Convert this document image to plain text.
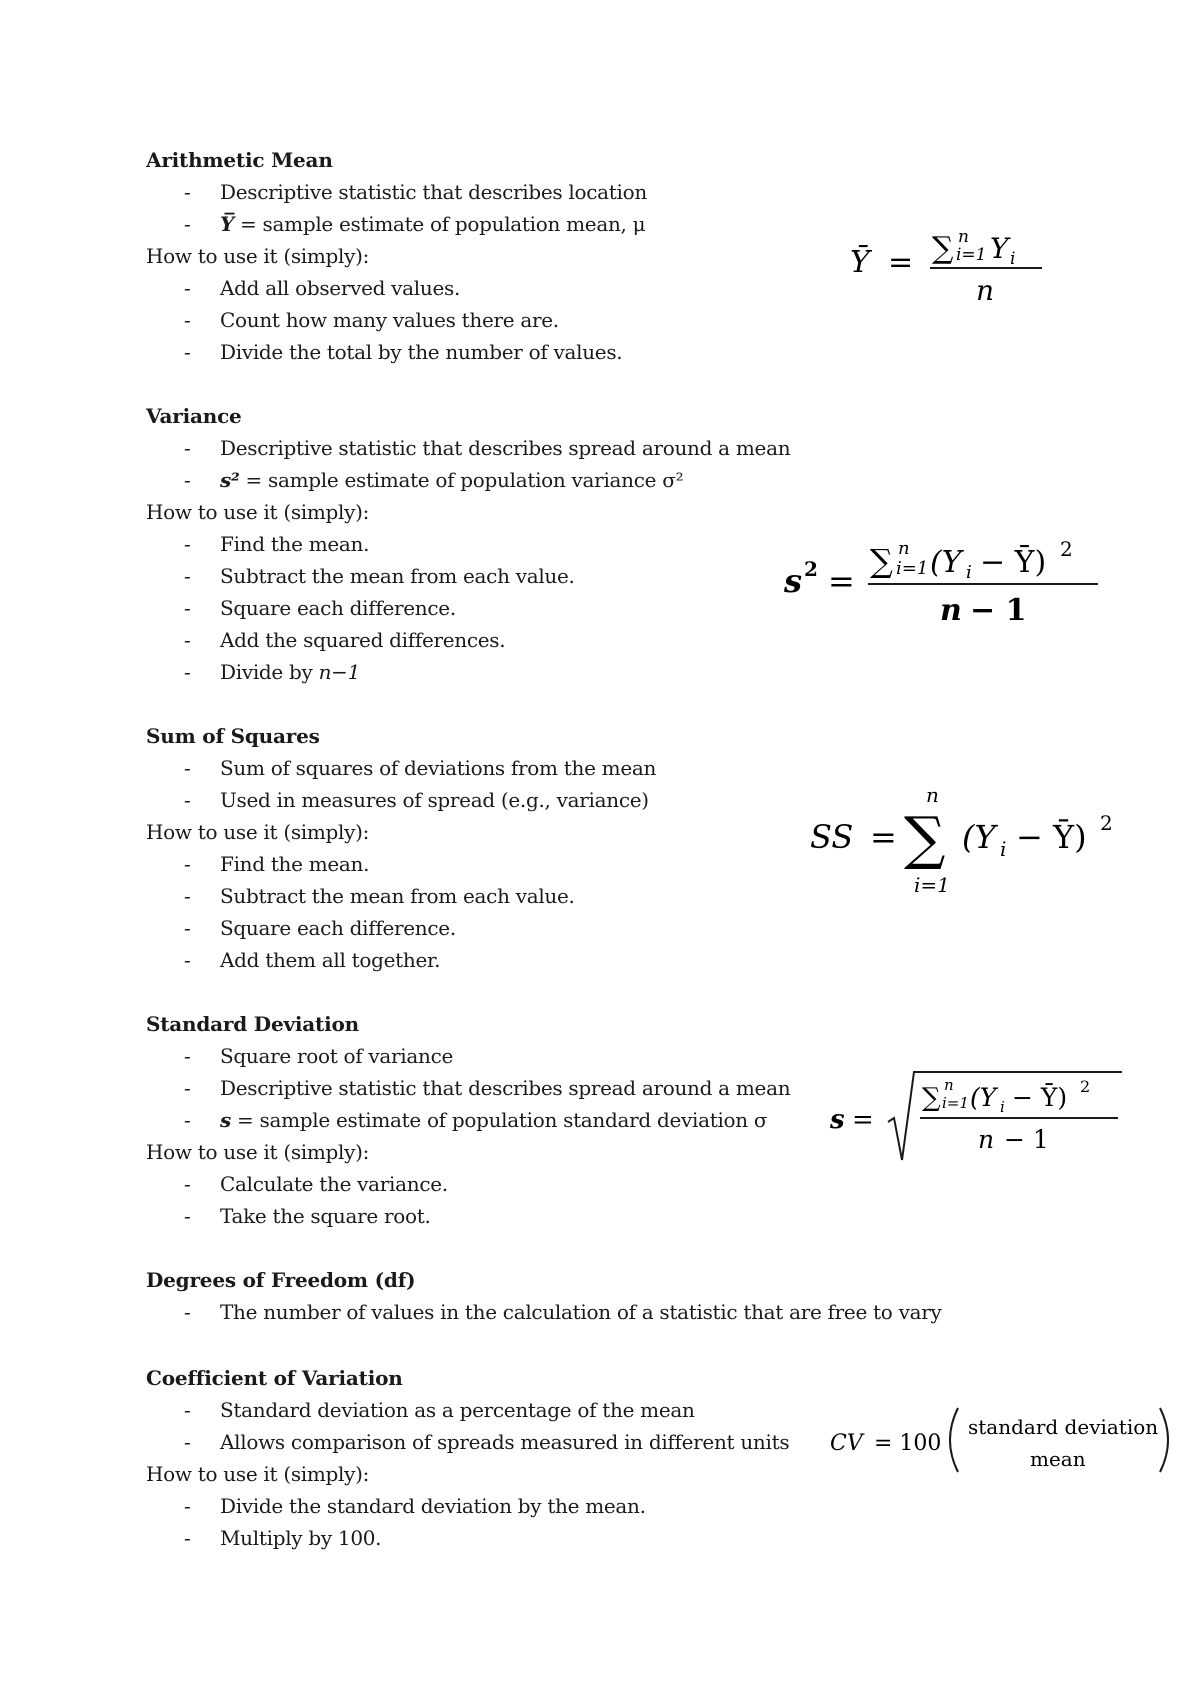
Arithmetic Mean
- Descriptive statistic that describes location
- Y̅ = sample estimate of population mean, μ
How to use it (simply):
- Add all observed values.
- Count how many values there are.
- Divide the total by the number of values.
Ȳ = ∑ n
i=1 Y i
n
Variance
- Descriptive statistic that describes spread around a mean
- s² = sample estimate of population variance σ²
How to use it (simply):
- Find the mean.
- Subtract the mean from each value.
- Square each difference.
- Add the squared differences.
- Divide by n−1
s 2 =
∑ n
i=1 (Y i − Ȳ) 2
n − 1
Sum of Squares
- Sum of squares of deviations from the mean
- Used in measures of spread (e.g., variance)
How to use it (simply):
- Find the mean.
- Subtract the mean from each value.
- Square each difference.
- Add them all together.
SS = ∑
n
i=1
(Y i − Ȳ) 2
Standard Deviation
- Square root of variance
- Descriptive statistic that describes spread around a mean
- s = sample estimate of population standard deviation σ
How to use it (simply):
- Calculate the variance.
- Take the square root.
s =
∑ n
i=1 (Y i − Ȳ) 2
n − 1
Degrees of Freedom (df)
- The number of values in the calculation of a statistic that are free to vary
Coefficient of Variation
- Standard deviation as a percentage of the mean
- Allows comparison of spreads measured in different units
How to use it (simply):
- Divide the standard deviation by the mean.
- Multiply by 100.
CV = 100
standard deviation
mean
